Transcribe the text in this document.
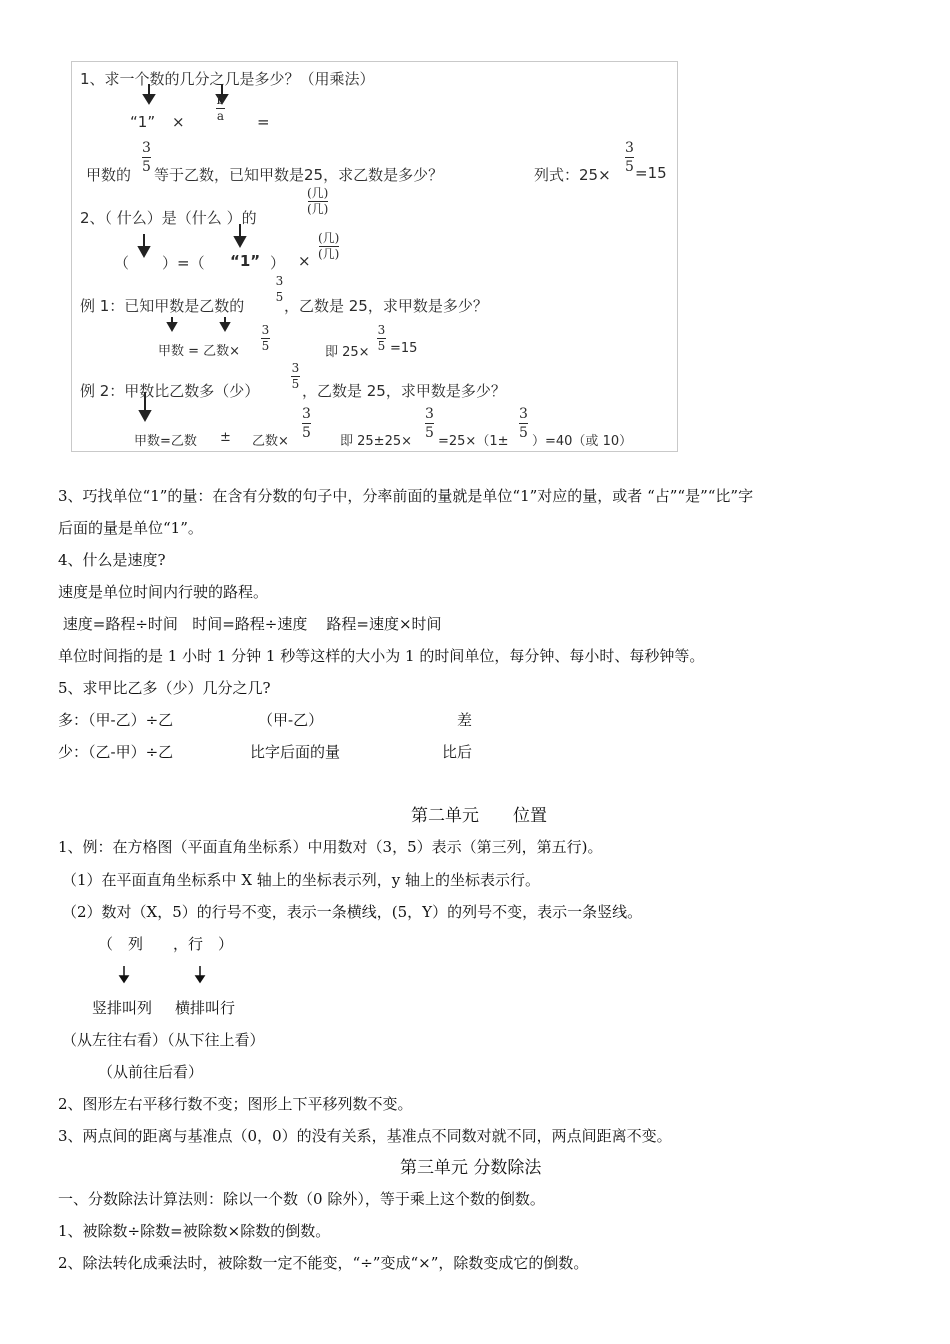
1、求一个数的几分之几是多少？（用乘法）
“1” ×
b
a =
甲数的
3
5 等于乙数，已知甲数是25，求乙数是多少？	列式：25×
3
5 =15
2、（ 什么）是（什么 ）的
(几)
(几)
（ ）=（ “1” ） ×
(几)
(几)
例 1：已知甲数是乙数的
3
5 ，乙数是 25，求甲数是多少？
甲数 = 乙数×
3
5	即 25×
3
5 =15
例 2：甲数比乙数多（少）
3
5 ，乙数是 25，求甲数是多少？
甲数=乙数 ± 乙数×
3
5
即 25±25×
3
5
=25×（1±
3
5
）=40（或 10）
3、巧找单位“1”的量：在含有分数的句子中，分率前面的量就是单位“1”对应的量，或者 “占”“是”“比”字
后面的量是单位“1”。
4、什么是速度?
速度是单位时间内行驶的路程。
速度=路程÷时间   时间=路程÷速度    路程=速度×时间
单位时间指的是 1 小时 1 分钟 1 秒等这样的大小为 1 的时间单位，每分钟、每小时、每秒钟等。
5、求甲比乙多（少）几分之几?
多：（甲-乙）÷乙	（甲-乙）	差
少：（乙-甲）÷乙	比字后面的量	比后
第二单元　　位置
1、例：在方格图（平面直角坐标系）中用数对（3，5）表示（第三列，第五行)。
（1）在平面直角坐标系中 X 轴上的坐标表示列，y 轴上的坐标表示行。
（2）数对（X，5）的行号不变，表示一条横线，(5，Y）的列号不变，表示一条竖线。
（　列　　，行　）
竖排叫列 横排叫行
（从左往右看）（从下往上看）
（从前往后看）
2、图形左右平移行数不变；图形上下平移列数不变。
3、两点间的距离与基准点（0，0）的没有关系，基准点不同数对就不同，两点间距离不变。
第三单元 分数除法
一、分数除法计算法则：除以一个数（0 除外），等于乘上这个数的倒数。
1、被除数÷除数=被除数×除数的倒数。
2、除法转化成乘法时，被除数一定不能变，“÷”变成“×”，除数变成它的倒数。
